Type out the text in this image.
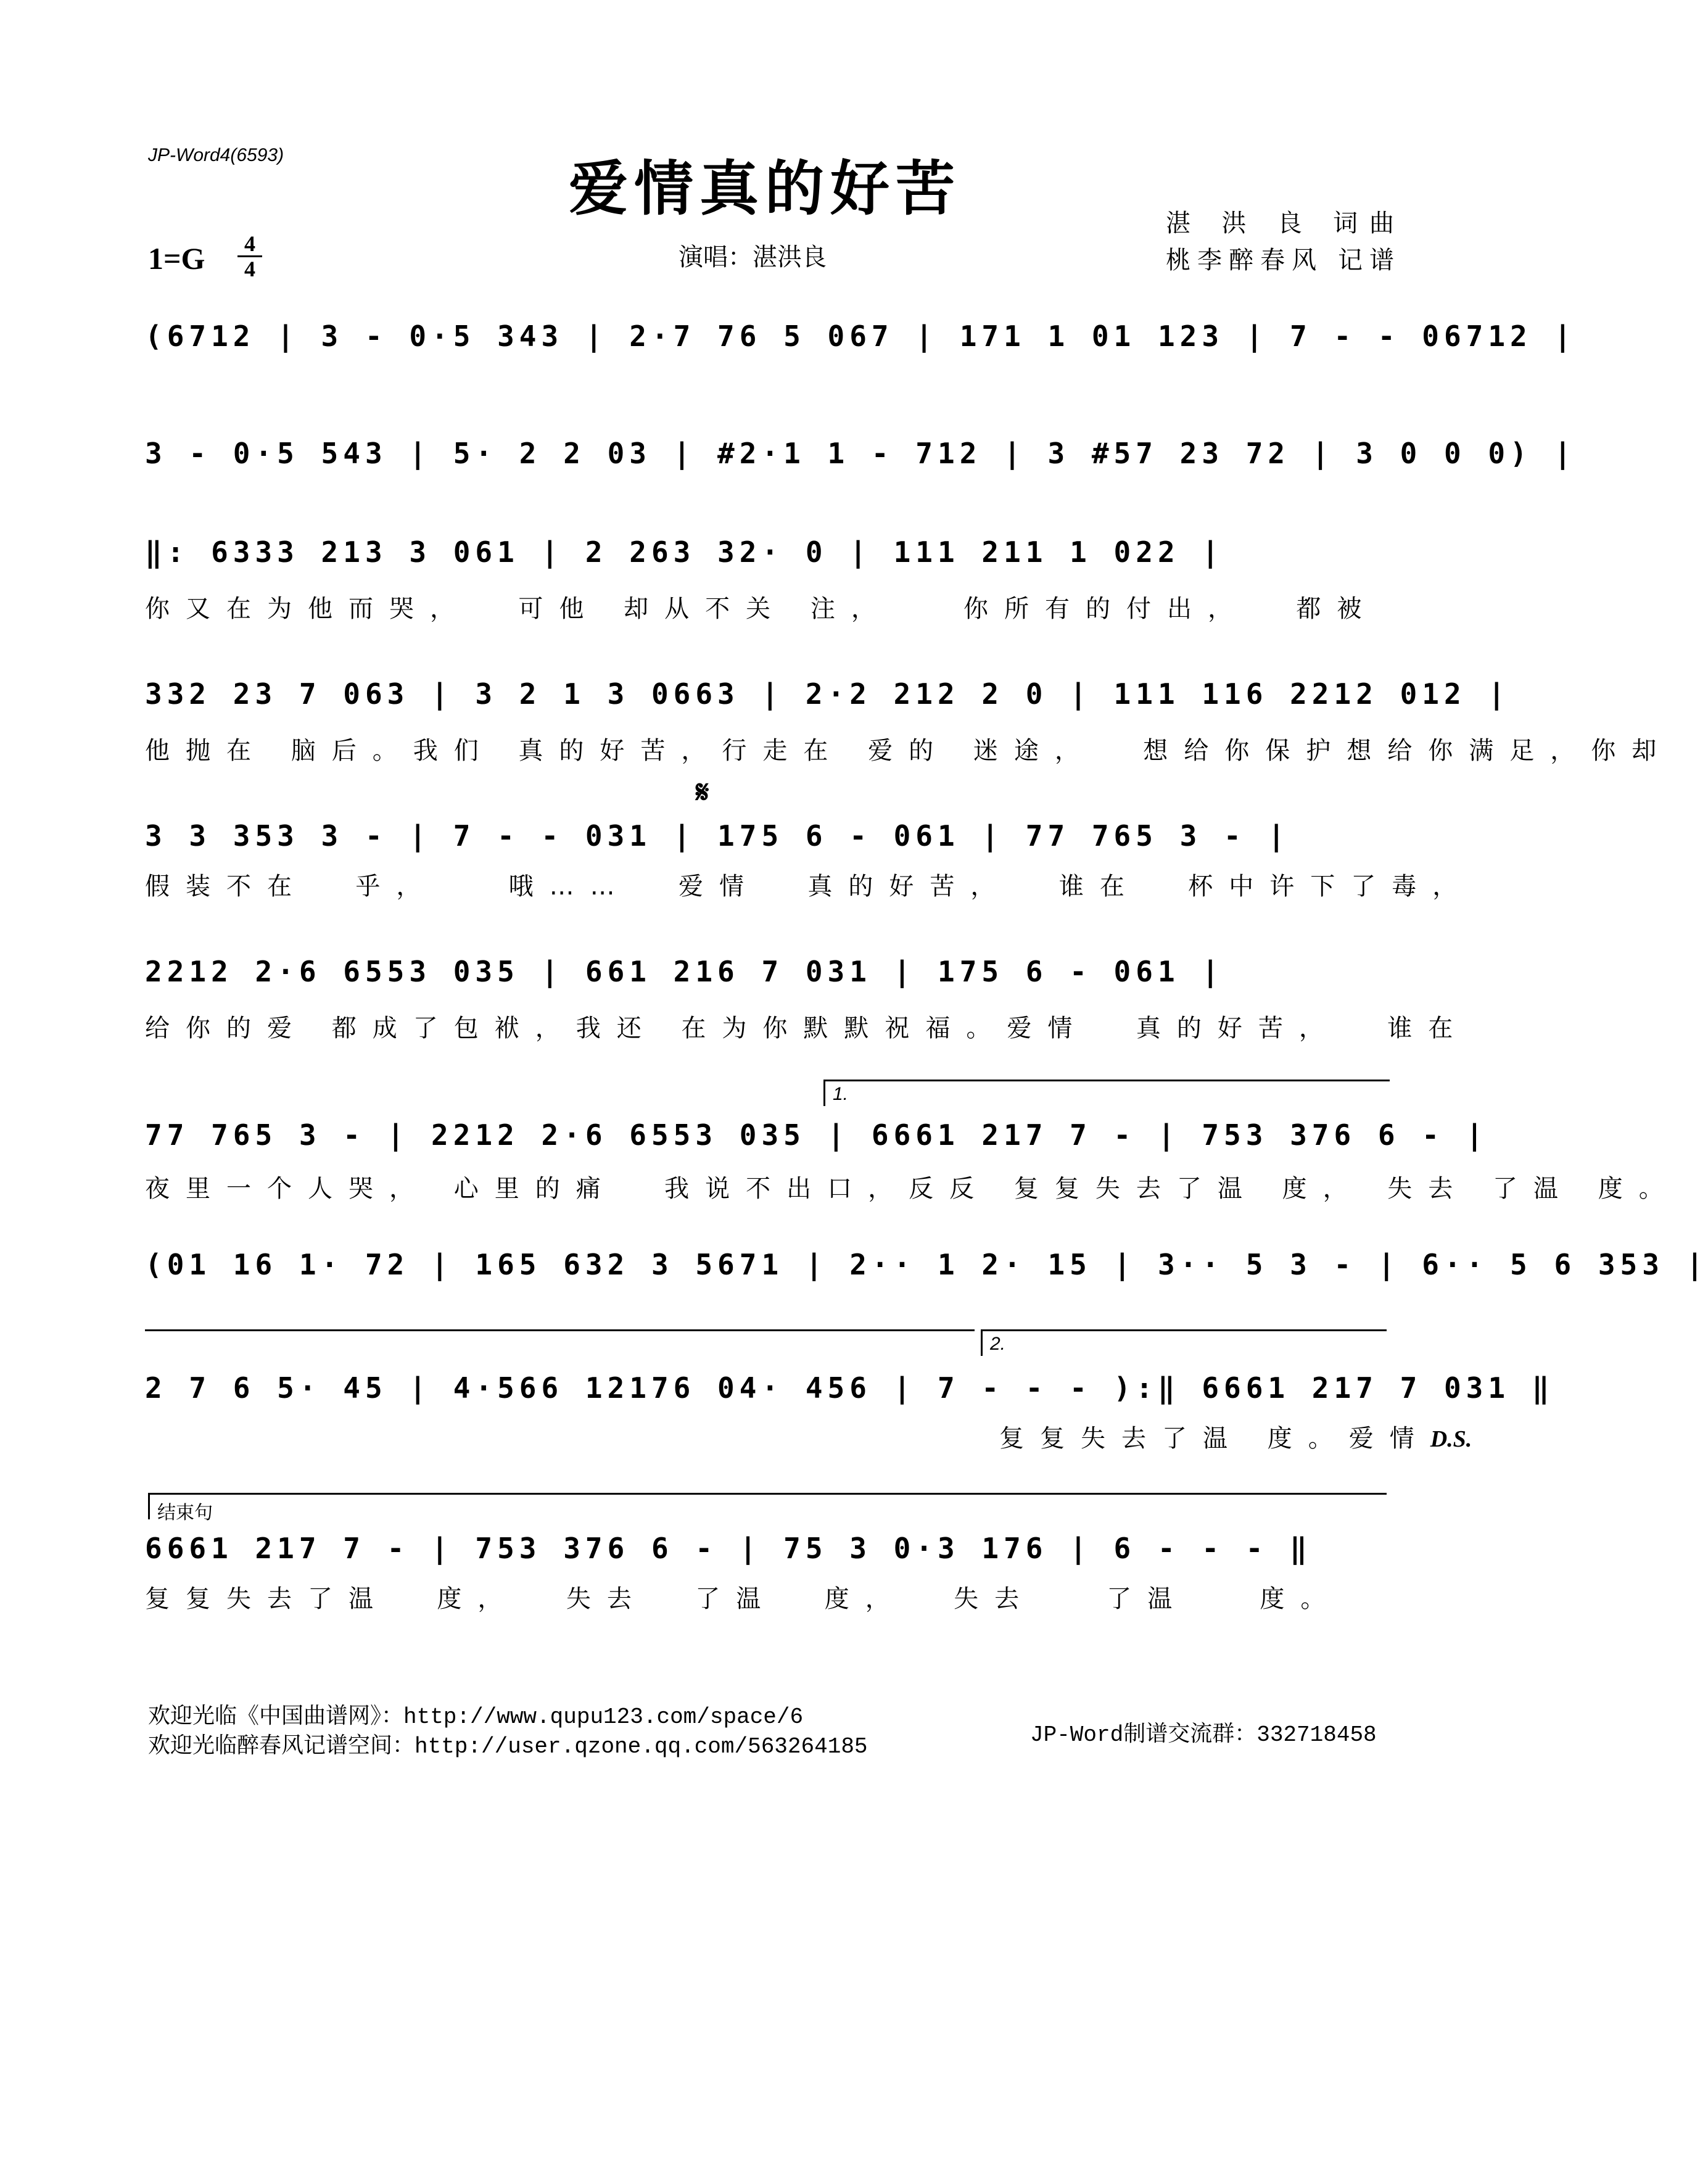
JP-Word4(6593)	爱情真的好苦
1=G	4
4	演唱：湛洪良
湛 洪 良 词曲
桃李醉春风 记谱

(6712 | 3 - 0·5 343 | 2·7 76 5 067 | 171 1 01 123 | 7 - - 06712 |

3 - 0·5 543 | 5· 2 2 03 | #2·1 1 - 712 | 3 #57 23 72 | 3 0 0 0) |

‖: 6333 213 3 061 | 2 263 32· 0 | 111 211 1 022 |

你又在为他而哭，  可他 却从不关 注，   你所有的付出，  都被

332 23 7 063 | 3 2 1 3 0663 | 2·2 212 2 0 | 111 116 2212 012 |

他抛在 脑后。我们 真的好苦，行走在 爱的 迷途，  想给你保护想给你满足，你却
𝄋

3 3 353 3 - | 7 - - 031 | 175 6 - 061 | 77 765 3 - |

假装不在  乎，   哦……  爱情  真的好苦，  谁在  杯中许下了毒，

2212 2·6 6553 035 | 661 216 7 031 | 175 6 - 061 |

给你的爱 都成了包袱，我还 在为你默默祝福。爱情  真的好苦，  谁在
1.

77 765 3 - | 2212 2·6 6553 035 | 6661 217 7 - | 753 376 6 - |

夜里一个人哭， 心里的痛  我说不出口，反反 复复失去了温 度， 失去 了温 度。

(01 16 1· 72 | 165 632 3 5671 | 2·· 1 2· 15 | 3·· 5 3 - | 6·· 5 6 353 |

2.

2 7 6 5· 45 | 4·566 12176 04· 456 | 7 - - - ):‖ 6661 217 7 031 ‖

复复失去了温 度。爱情D.S.
结束句

6661 217 7 - | 753 376 6 - | 75 3 0·3 176 | 6 - - - ‖

复复失去了温  度，  失去  了温  度，  失去   了温   度。
欢迎光临《中国曲谱网》：http://www.qupu123.com/space/6
欢迎光临醉春风记谱空间：http://user.qzone.qq.com/563264185	JP-Word制谱交流群：332718458
